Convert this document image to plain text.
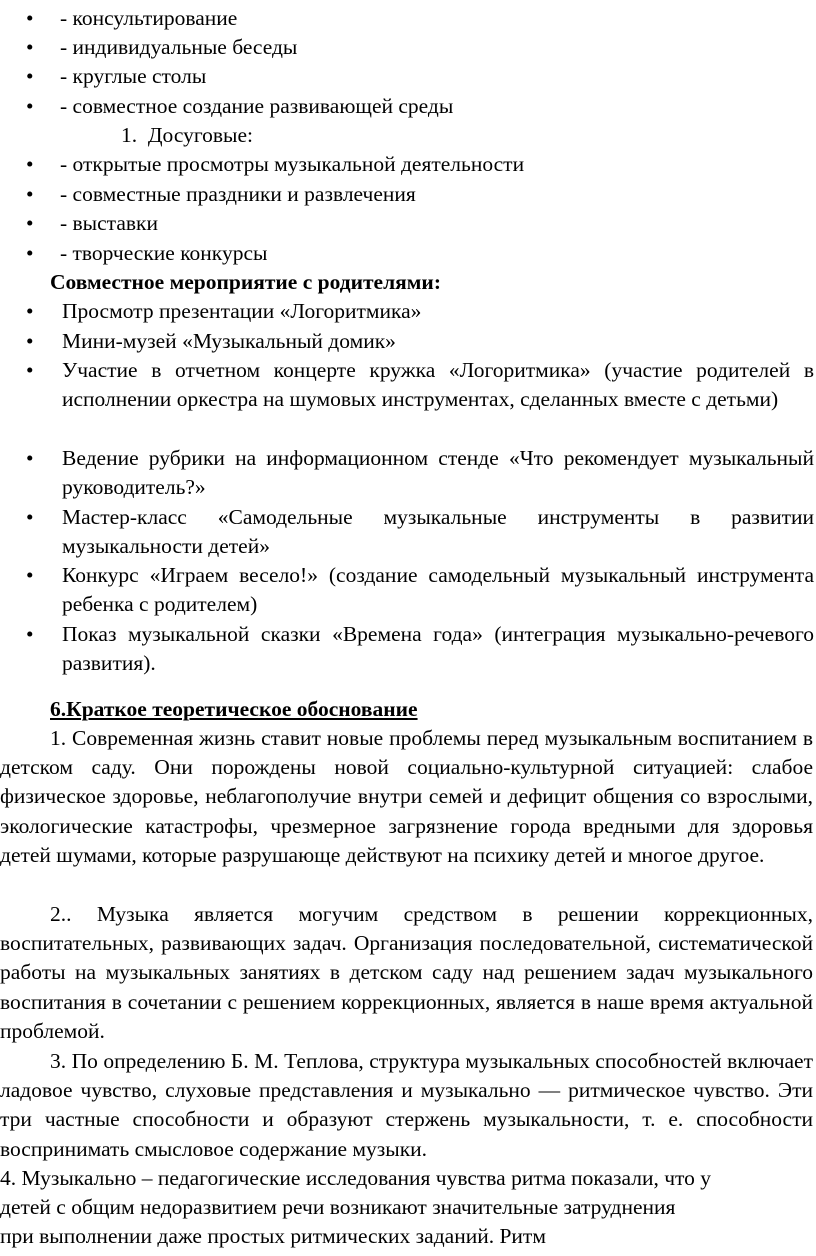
• - консультирование
• - индивидуальные беседы
• - круглые столы
• - совместное создание развивающей среды
1. Досуговые:
• - открытые просмотры музыкальной деятельности
• - совместные праздники и развлечения
• - выставки
• - творческие конкурсы
Совместное мероприятие с родителями:
• Просмотр презентации «Логоритмика»
• Мини-музей «Музыкальный домик»
• Участие в отчетном концерте кружка «Логоритмика» (участие родителей в исполнении оркестра на шумовых инструментах, сделанных вместе с детьми)
• Ведение рубрики на информационном стенде «Что рекомендует музыкальный руководитель?»
• Мастер-класс «Самодельные музыкальные инструменты в развитии музыкальности детей»
• Конкурс «Играем весело!» (создание самодельный музыкальный инструмента ребенка с родителем)
• Показ музыкальной сказки «Времена года» (интеграция музыкально-речевого развития).
6.Краткое теоретическое обоснование
1. Современная жизнь ставит новые проблемы перед музыкальным воспитанием в детском саду. Они порождены новой социально-культурной ситуацией: слабое физическое здоровье, неблагополучие внутри семей и дефицит общения со взрослыми, экологические катастрофы, чрезмерное загрязнение города вредными для здоровья детей шумами, которые разрушающе действуют на психику детей и многое другое.
2.. Музыка является могучим средством в решении коррекционных, воспитательных, развивающих задач. Организация последовательной, систематической работы на музыкальных занятиях в детском саду над решением задач музыкального воспитания в сочетании с решением коррекционных, является в наше время актуальной проблемой.
3. По определению Б. М. Теплова, структура музыкальных способностей включает ладовое чувство, слуховые представления и музыкально — ритмическое чувство. Эти три частные способности и образуют стержень музыкальности, т. е. способности воспринимать смысловое содержание музыки.
4. Музыкально – педагогические исследования чувства ритма показали, что у
детей с общим недоразвитием речи возникают значительные затруднения
при выполнении даже простых ритмических заданий. Ритм
